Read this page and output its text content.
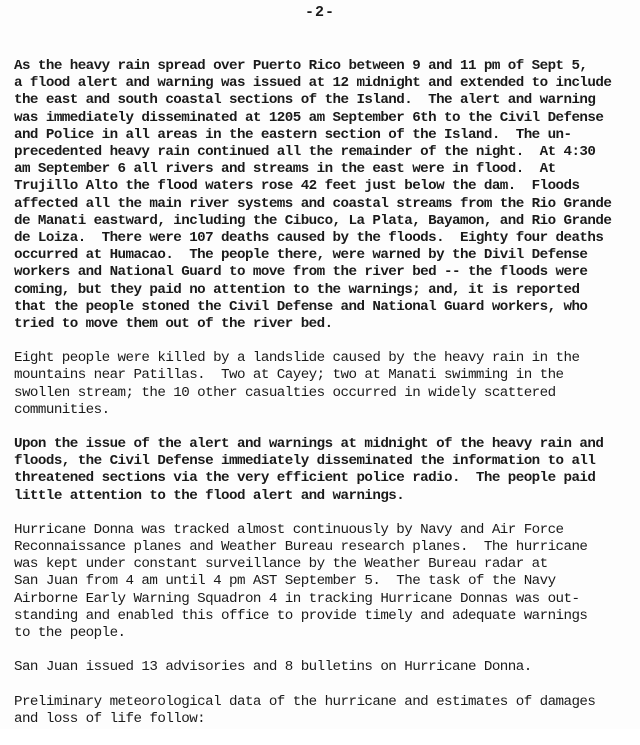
-2-
As the heavy rain spread over Puerto Rico between 9 and 11 pm of Sept 5,
a flood alert and warning was issued at 12 midnight and extended to include
the east and south coastal sections of the Island.  The alert and warning
was immediately disseminated at 1205 am September 6th to the Civil Defense
and Police in all areas in the eastern section of the Island.  The un-
precedented heavy rain continued all the remainder of the night.  At 4:30
am September 6 all rivers and streams in the east were in flood.  At
Trujillo Alto the flood waters rose 42 feet just below the dam.  Floods
affected all the main river systems and coastal streams from the Rio Grande
de Manati eastward, including the Cibuco, La Plata, Bayamon, and Rio Grande
de Loiza.  There were 107 deaths caused by the floods.  Eighty four deaths
occurred at Humacao.  The people there, were warned by the Divil Defense
workers and National Guard to move from the river bed -- the floods were
coming, but they paid no attention to the warnings; and, it is reported
that the people stoned the Civil Defense and National Guard workers, who
tried to move them out of the river bed.
Eight people were killed by a landslide caused by the heavy rain in the
mountains near Patillas.  Two at Cayey; two at Manati swimming in the
swollen stream; the 10 other casualties occurred in widely scattered
communities.
Upon the issue of the alert and warnings at midnight of the heavy rain and
floods, the Civil Defense immediately disseminated the information to all
threatened sections via the very efficient police radio.  The people paid
little attention to the flood alert and warnings.
Hurricane Donna was tracked almost continuously by Navy and Air Force
Reconnaissance planes and Weather Bureau research planes.  The hurricane
was kept under constant surveillance by the Weather Bureau radar at
San Juan from 4 am until 4 pm AST September 5.  The task of the Navy
Airborne Early Warning Squadron 4 in tracking Hurricane Donnas was out-
standing and enabled this office to provide timely and adequate warnings
to the people.
San Juan issued 13 advisories and 8 bulletins on Hurricane Donna.
Preliminary meteorological data of the hurricane and estimates of damages
and loss of life follow:
